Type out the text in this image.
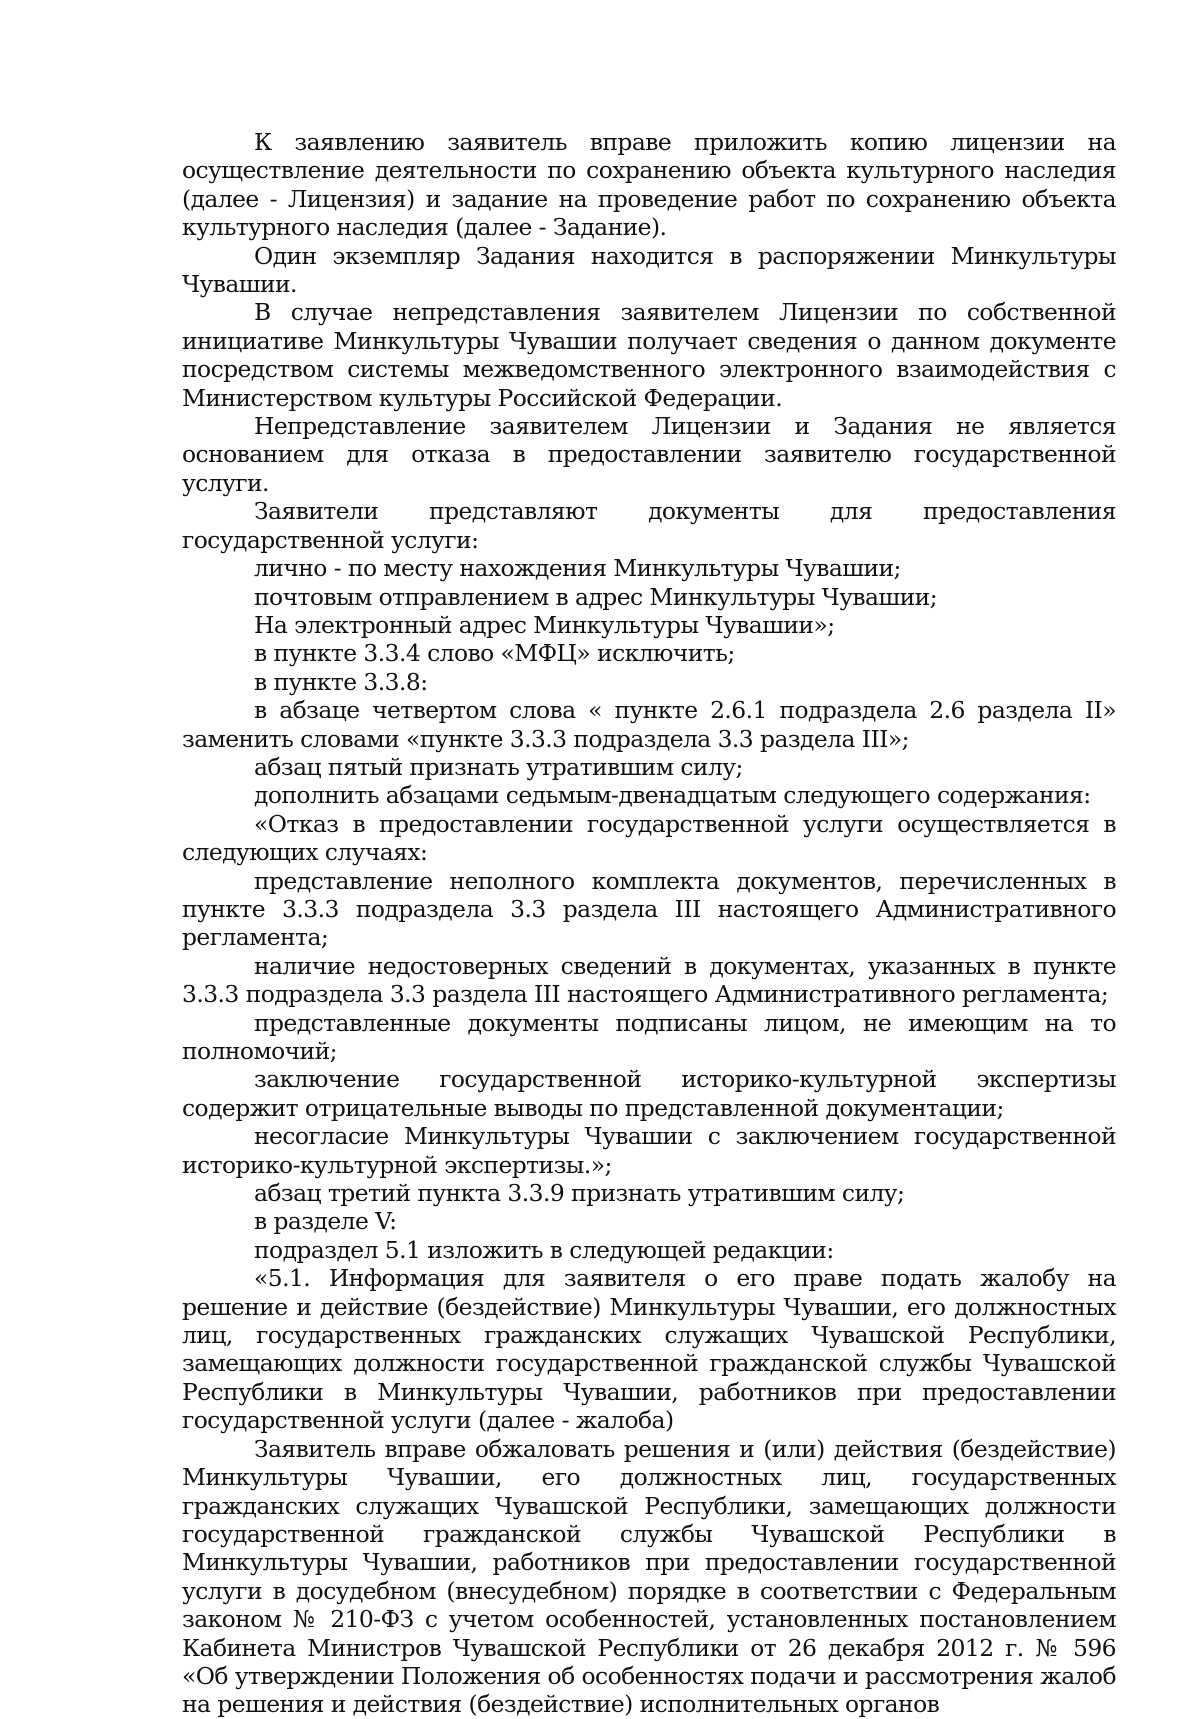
К заявлению заявитель вправе приложить копию лицензии на осуществление деятельности по сохранению объекта культурного наследия (далее - Лицензия) и задание на проведение работ по сохранению объекта культурного наследия (далее - Задание).

Один экземпляр Задания находится в распоряжении Минкультуры Чувашии.

В случае непредставления заявителем Лицензии по собственной инициативе Минкультуры Чувашии получает сведения о данном документе посредством системы межведомственного электронного взаимодействия с Министерством культуры Российской Федерации.

Непредставление заявителем Лицензии и Задания не является основанием для отказа в предоставлении заявителю государственной услуги.

Заявители представляют документы для предоставления государственной услуги:

лично - по месту нахождения Минкультуры Чувашии;

почтовым отправлением в адрес Минкультуры Чувашии;

На электронный адрес Минкультуры Чувашии»;

в пункте 3.3.4 слово «МФЦ» исключить;

в пункте 3.3.8:

в абзаце четвертом слова « пункте 2.6.1 подраздела 2.6 раздела II» заменить словами «пункте 3.3.3 подраздела 3.3 раздела III»;

абзац пятый признать утратившим силу;

дополнить абзацами седьмым-двенадцатым следующего содержания:

«Отказ в предоставлении государственной услуги осуществляется в следующих случаях:

представление неполного комплекта документов, перечисленных в пункте 3.3.3 подраздела 3.3 раздела III настоящего Административного регламента;

наличие недостоверных сведений в документах, указанных в пункте 3.3.3 подраздела 3.3 раздела III настоящего Административного регламента;

представленные документы подписаны лицом, не имеющим на то полномочий;

заключение государственной историко-культурной экспертизы содержит отрицательные выводы по представленной документации;

несогласие Минкультуры Чувашии с заключением государственной историко-культурной экспертизы.»;

абзац третий пункта 3.3.9 признать утратившим силу;

в разделе V:

подраздел 5.1 изложить в следующей редакции:

«5.1. Информация для заявителя о его праве подать жалобу на решение и действие (бездействие) Минкультуры Чувашии, его должностных лиц, государственных гражданских служащих Чувашской Республики, замещающих должности государственной гражданской службы Чувашской Республики в Минкультуры Чувашии, работников при предоставлении государственной услуги (далее - жалоба)

Заявитель вправе обжаловать решения и (или) действия (бездействие) Минкультуры Чувашии, его должностных лиц, государственных гражданских служащих Чувашской Республики, замещающих должности государственной гражданской службы Чувашской Республики в Минкультуры Чувашии, работников при предоставлении государственной услуги в досудебном (внесудебном) порядке в соответствии с Федеральным законом № 210-ФЗ с учетом особенностей, установленных постановлением Кабинета Министров Чувашской Республики от 26 декабря 2012 г. № 596 «Об утверждении Положения об особенностях подачи и рассмотрения жалоб на решения и действия (бездействие) исполнительных органов
